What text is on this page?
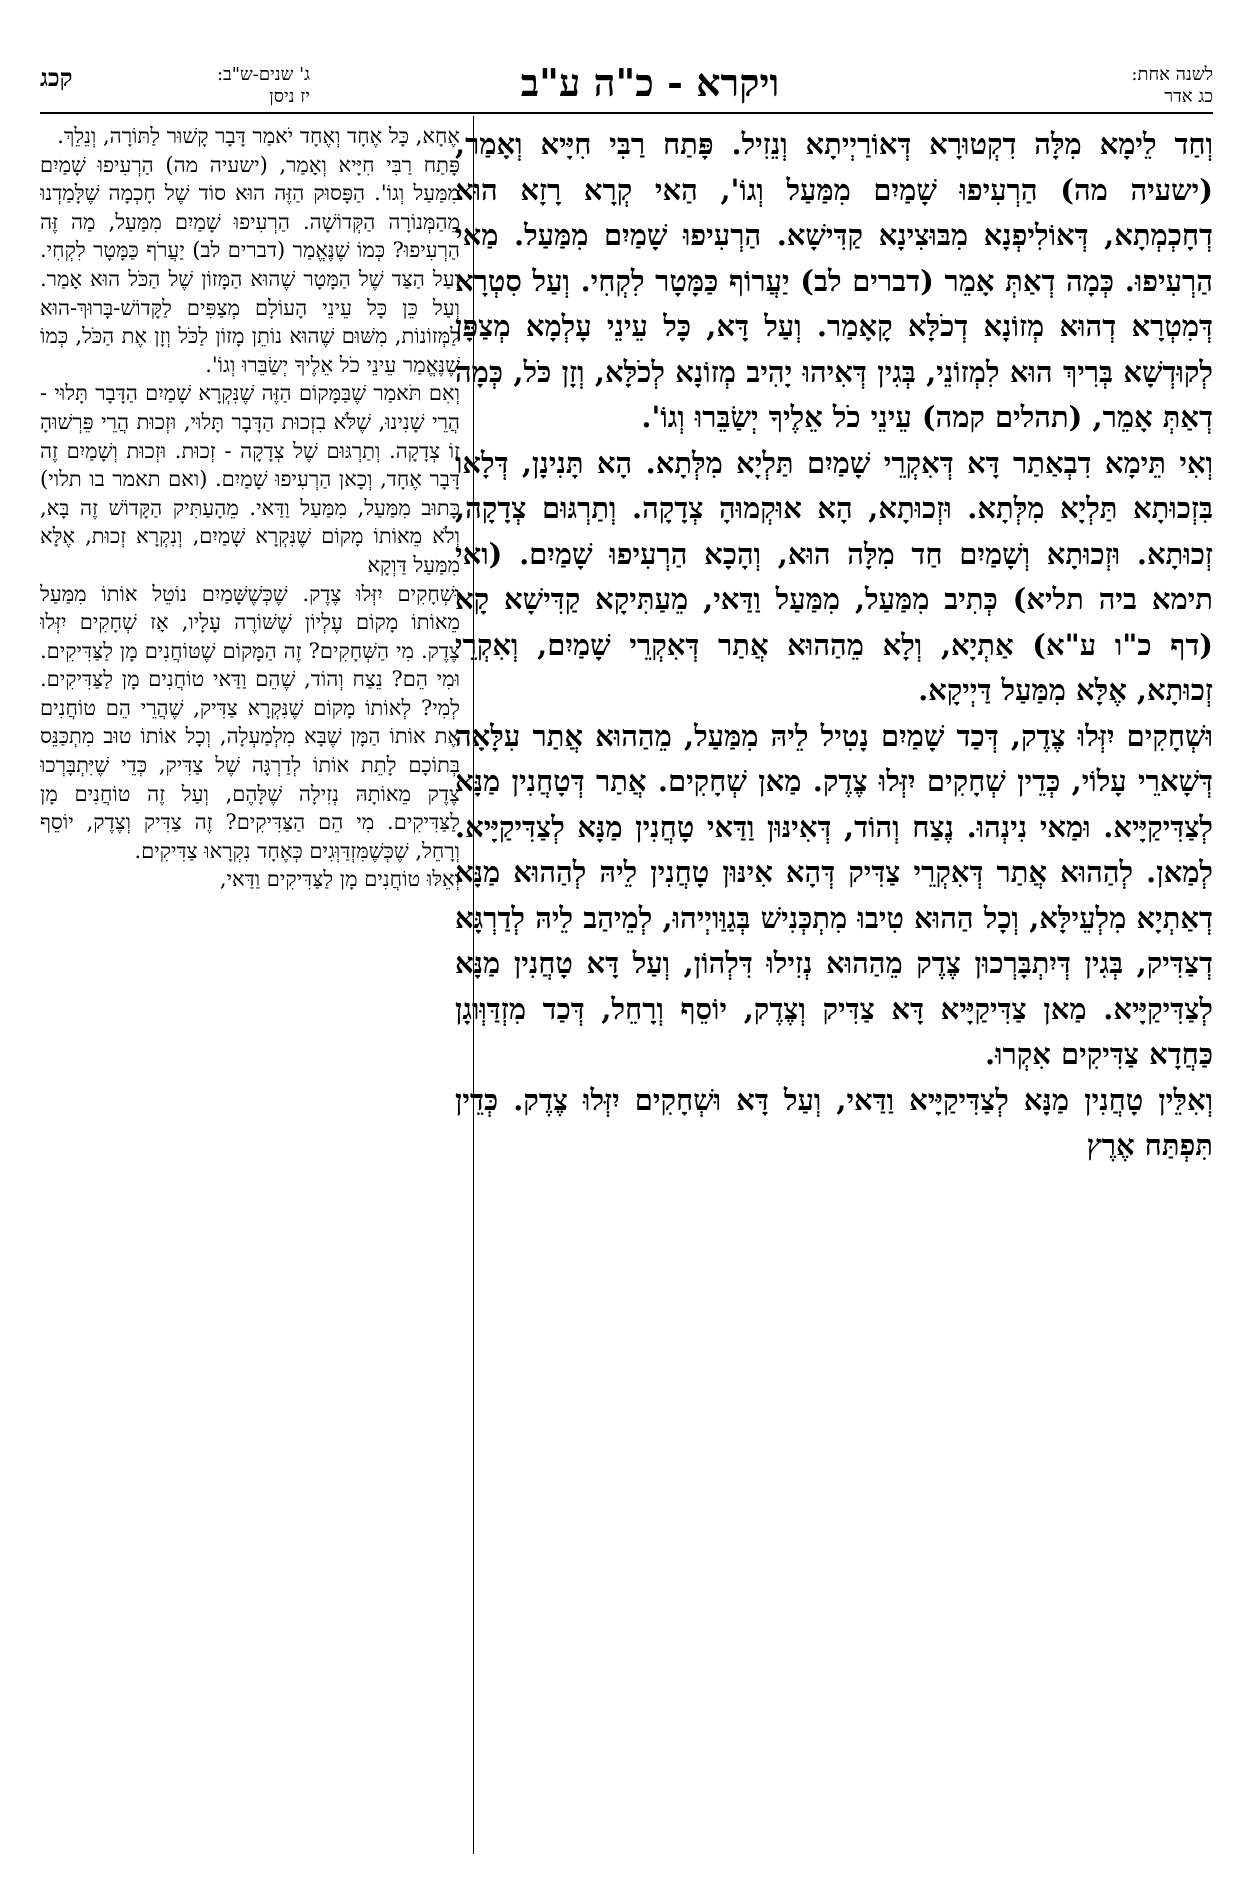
לשנה אחת:
כג אדר
ויקרא - כ"ה ע"ב
ג' שנים-ש"ב:
יז ניסן
קכג

וְחַד לֵימָא מִלָּה דִקְטוּרָא דְּאוֹרַיְיתָא וְנֵזִיל. פָּתַח רַבִּי חִיָּיא וְאָמַר, (ישעיה מה) הַרְעִיפוּ שָׁמַיִם מִמַּעַל וְגוֹ', הַאי קְרָא רָזָא הוּא דְחָכְמְתָא, דְּאוֹלִיפְנָא מִבּוּצִינָא קַדִּישָׁא. הַרְעִיפוּ שָׁמַיִם מִמַּעַל. מַאי הַרְעִיפוּ. כְּמָה דְאַתְּ אָמֵר (דברים לב) יַעֲרוֹף כַּמָּטָר לִקְחִי. וְעַל סִטְרָא דְּמִטְרָא דְהוּא מְזוֹנָא דְכֹלָּא קָאָמַר. וְעַל דָּא, כָּל עֵינֵי עָלְמָא מְצַפָּן לְקוּדְשָׁא בְּרִיךְ הוּא לִמְזוֹנֵי, בְּגִין דְּאִיהוּ יָהִיב מְזוֹנָא לְכֹלָּא, וְזָן כֹּל, כְּמָה דְאַתְּ אָמֵר, (תהלים קמה) עֵינֵי כֹל אֵלֶיךָ יְשַׂבֵּרוּ וְגוֹ'.

וְאִי תֵּימָא דִבְאַתַר דָּא דְּאִקְרֵי שָׁמַיִם תַּלְיָא מִלְּתָא. הָא תָּנִינָן, דְּלָאו בִּזְכוּתָא תַּלְיָא מִלְּתָא. וּזְכוּתָא, הָא אוּקְמוּהָ צְדָקָה. וְתַרְגּוּם צְדָקָה, זְכוּתָא. וּזְכוּתָא וְשָׁמַיִם חַד מִלָּה הוּא, וְהָכָא הַרְעִיפוּ שָׁמַיִם. (ואי תימא ביה תליא) כְּתִיב מִמַּעַל, מִמַּעַל וַדַּאי, מֵעַתִּיקָא קַדִּישָׁא קָא (דף כ"ו ע"א) אַתְיָא, וְלָא מֵהַהוּא אֲתַר דְּאִקְרֵי שָׁמַיִם, וְאִקְרֵי זְכוּתָא, אֶלָּא מִמַּעַל דַּיְיקָא.

וּשְׁחָקִים יִזְּלוּ צֶדֶק, דְּכַד שָׁמַיִם נָטִיל לֵיהּ מִמַּעַל, מֵהַהוּא אֲתַר עִלָּאָה דְּשָׁארֵי עָלוֹי, כְּדֵין שְׁחָקִים יִזְּלוּ צֶדֶק. מַאן שְׁחָקִים. אֲתַר דְּטָחֲנִין מַנָּא לְצַדִּיקַיָּיא. וּמַאי נִינְהוּ. נֶצַח וְהוֹד, דְּאִינּוּן וַדַּאי טָחֲנִין מַנָּא לְצַדִּיקַיָּיא. לְמַאן. לְהַהוּא אֲתַר דְּאִקְרֵי צַדִּיק דְּהָא אִינּוּן טָחֲנִין לֵיהּ לְהַהוּא מַנָּא דְאַתְיָא מִלְעֵילָּא, וְכָל הַהוּא טִיבוּ מִתְכְּנִישׁ בְּגַוַּויְיהוּ, לְמֵיהַב לֵיהּ לְדַרְגָּא דְצַדִּיק, בְּגִין דְּיִתְבָּרְכוּן צֶדֶק מֵהַהוּא נְזִילוּ דִּלְהוֹן, וְעַל דָּא טָחֲנִין מַנָּא לְצַדִּיקַיָּיא. מַאן צַדִּיקַיָּיא דָּא צַדִּיק וְצֶדֶק, יוֹסֵף וְרָחֵל, דְּכַד מִזְדַּוְּוגָן כַּחֲדָא צַדִּיקִים אִקְרוּ.

וְאִלֵּין טָחֲנִין מַנָּא לְצַדִּיקַיָּיא וַדַּאי, וְעַל דָּא וּשְׁחָקִים יִזְּלוּ צֶדֶק. כְּדֵין תִּפְתַּח אֶרֶץ

אֶחָא, כָּל אֶחָד וְאֶחָד יֹאמַר דָּבָר קָשׁוּר לַתּוֹרָה, וְנֵלֵךְ.

פָּתַח רַבִּי חִיָּיא וְאָמַר, (ישעיה מה) הַרְעִיפוּ שָׁמַיִם מִמַּעַל וְגוֹ'. הַפָּסוּק הַזֶּה הוּא סוֹד שֶׁל חָכְמָה שֶׁלָּמַדְנוּ מֵהַמְּנוֹרָה הַקְּדוֹשָׁה. הַרְעִיפוּ שָׁמַיִם מִמַּעַל, מַה זֶּה הַרְעִיפוּ? כְּמוֹ שֶׁנֶּאֱמַר (דברים לב) יַעֲרֹף כַּמָּטָר לִקְחִי. וְעַל הַצַּד שֶׁל הַמָּטָר שֶׁהוּא הַמָּזוֹן שֶׁל הַכֹּל הוּא אָמַר. וְעַל כֵּן כָּל עֵינֵי הָעוֹלָם מְצַפִּים לַקָּדוֹשׁ-בָּרוּךְ-הוּא לַמְּזוֹנוֹת, מִשּׁוּם שֶׁהוּא נוֹתֵן מָזוֹן לַכֹּל וְזָן אֶת הַכֹּל, כְּמוֹ שֶׁנֶּאֱמַר עֵינֵי כֹל אֵלֶיךָ יְשַׂבֵּרוּ וְגוֹ'.

וְאִם תֹּאמַר שֶׁבַּמָּקוֹם הַזֶּה שֶׁנִּקְרָא שָׁמַיִם הַדָּבָר תָּלוּי - הֲרֵי שָׁנִינוּ, שֶׁלֹּא בִזְכוּת הַדָּבָר תָּלוּי, וּזְכוּת הֲרֵי פֵּרְשׁוּהָ זוֹ צְדָקָה. וְתַרְגּוּם שֶׁל צְדָקָה - זְכוּת. וּזְכוּת וְשָׁמַיִם זֶה דָּבָר אֶחָד, וְכָאן הַרְעִיפוּ שָׁמַיִם. (ואם תאמר בו תלוי) כָּתוּב מִמַּעַל, מִמַּעַל וַדַּאי. מֵהָעַתִּיק הַקָּדוֹשׁ זֶה בָּא, וְלֹא מֵאוֹתוֹ מָקוֹם שֶׁנִּקְרָא שָׁמַיִם, וְנִקְרָא זְכוּת, אֶלָּא מִמַּעַל דַּוְקָא

וּשְׁחָקִים יִזְּלוּ צֶדֶק. שֶׁכְּשֶׁשָּׁמַיִם נוֹטֵל אוֹתוֹ מִמַּעַל מֵאוֹתוֹ מָקוֹם עֶלְיוֹן שֶׁשּׁוֹרֶה עָלָיו, אָז שְׁחָקִים יִזְּלוּ צֶדֶק. מִי הַשְּׁחָקִים? זֶה הַמָּקוֹם שֶׁטּוֹחֲנִים מָן לַצַּדִּיקִים. וּמִי הֵם? נֵצַח וְהוֹד, שֶׁהֵם וַדַּאי טוֹחֲנִים מָן לַצַּדִּיקִים. לְמִי? לְאוֹתוֹ מָקוֹם שֶׁנִּקְרָא צַדִּיק, שֶׁהֲרֵי הֵם טוֹחֲנִים אֶת אוֹתוֹ הַמָּן שֶׁבָּא מִלְמַעְלָה, וְכָל אוֹתוֹ טוּב מִתְכַּנֵּס בְּתוֹכָם לָתֵת אוֹתוֹ לְדַרְגָּה שֶׁל צַדִּיק, כְּדֵי שֶׁיִּתְבָּרְכוּ צֶדֶק מֵאוֹתָהּ נְזִילָה שֶׁלָּהֶם, וְעַל זֶה טוֹחֲנִים מָן לַצַּדִּיקִים. מִי הֵם הַצַּדִּיקִים? זֶה צַדִּיק וְצֶדֶק, יוֹסֵף וְרָחֵל, שֶׁכְּשֶׁמִּזְדַּוְּגִים כְּאֶחָד נִקְרָאוּ צַדִּיקִים.

וְאֵלּוּ טוֹחֲנִים מָן לַצַּדִּיקִים וַדַּאי,
